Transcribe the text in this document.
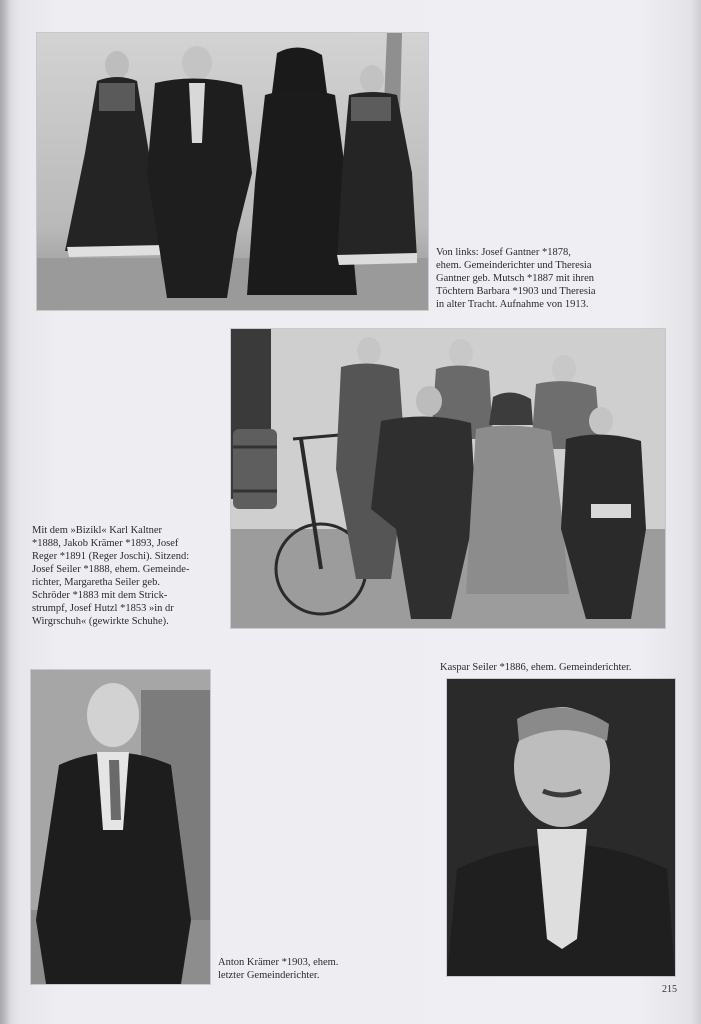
Von links: Josef Gantner *1878,

ehem. Gemeinderichter und Theresia

Gantner geb. Mutsch *1887 mit ihren

Töchtern Barbara *1903 und Theresia

in alter Tracht. Aufnahme von 1913.

Mit dem »Bizikl« Karl Kaltner

*1888, Jakob Krämer *1893, Josef

Reger *1891 (Reger Joschi). Sitzend:

Josef Seiler *1888, ehem. Gemeinde-

richter, Margaretha Seiler geb.

Schröder *1883 mit dem Strick-

strumpf, Josef Hutzl *1853 »in dr

Wirgrschuh« (gewirkte Schuhe).

Kaspar Seiler *1886, ehem. Gemeinderichter.

Anton Krämer *1903, ehem.

letzter Gemeinderichter.

215
